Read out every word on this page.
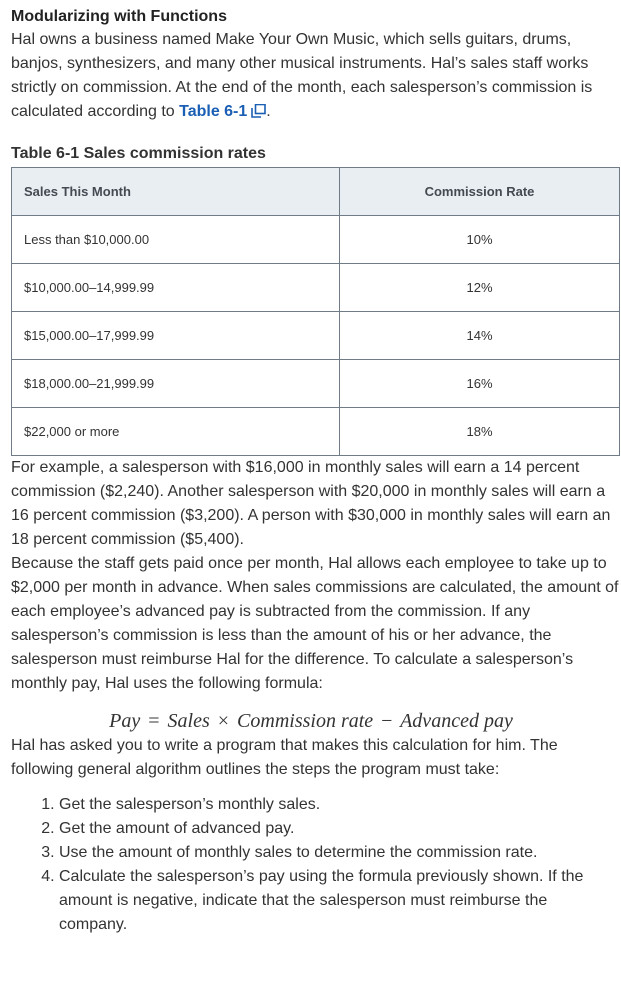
Modularizing with Functions

Hal owns a business named Make Your Own Music, which sells guitars, drums, banjos, synthesizers, and many other musical instruments. Hal’s sales staff works strictly on commission. At the end of the month, each salesperson’s commission is calculated according to Table 6-1 .

Table 6-1 Sales commission rates
Sales This Month	Commission Rate
Less than $10,000.00	10%
$10,000.00–14,999.99	12%
$15,000.00–17,999.99	14%
$18,000.00–21,999.99	16%
$22,000 or more	18%

For example, a salesperson with $16,000 in monthly sales will earn a 14 percent commission ($2,240). Another salesperson with $20,000 in monthly sales will earn a 16 percent commission ($3,200). A person with $30,000 in monthly sales will earn an 18 percent commission ($5,400).

Because the staff gets paid once per month, Hal allows each employee to take up to $2,000 per month in advance. When sales commissions are calculated, the amount of each employee’s advanced pay is subtracted from the commission. If any salesperson’s commission is less than the amount of his or her advance, the salesperson must reimburse Hal for the difference. To calculate a salesperson’s monthly pay, Hal uses the following formula:

Pay = Sales × Commission rate − Advanced pay

Hal has asked you to write a program that makes this calculation for him. The following general algorithm outlines the steps the program must take:

1. Get the salesperson’s monthly sales.
2. Get the amount of advanced pay.
3. Use the amount of monthly sales to determine the commission rate.
4. Calculate the salesperson’s pay using the formula previously shown. If the amount is negative, indicate that the salesperson must reimburse the company.
